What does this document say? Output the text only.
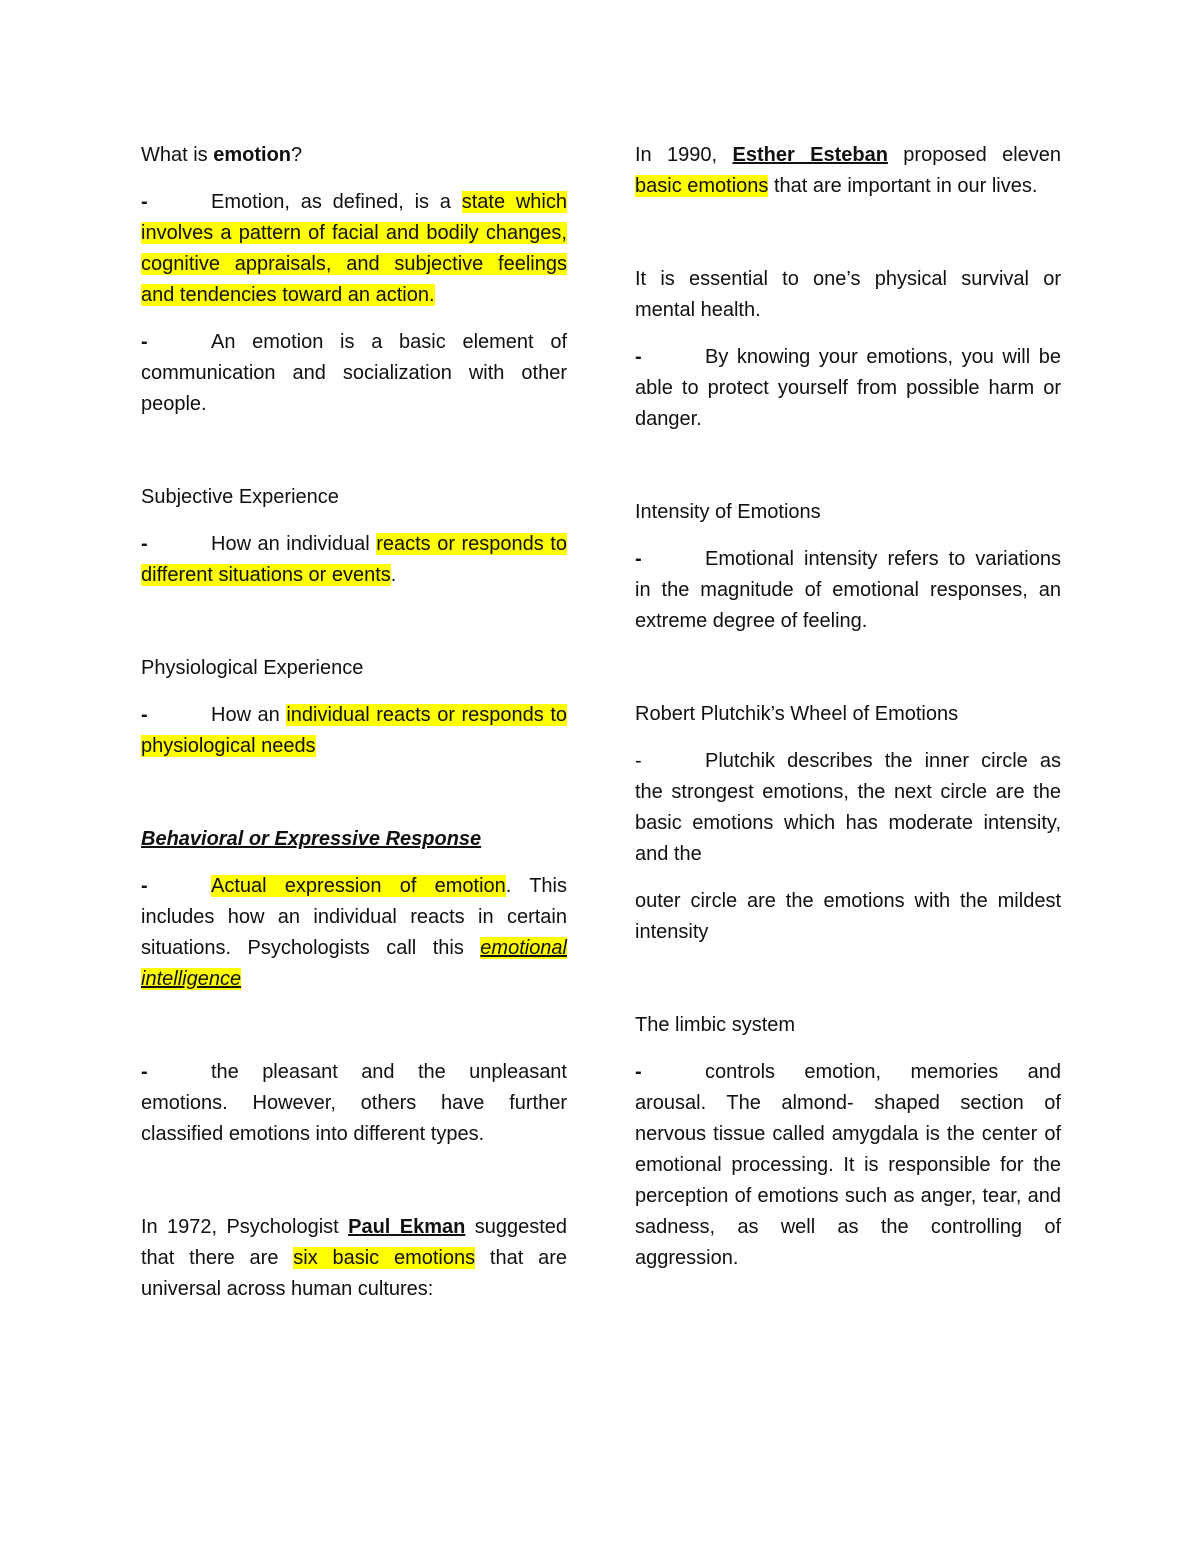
What is emotion?

-	Emotion, as defined, is a state which involves a pattern of facial and bodily changes, cognitive appraisals, and subjective feelings and tendencies toward an action.

-	An emotion is a basic element of communication and socialization with other people.

Subjective Experience

-	How an individual reacts or responds to different situations or events.

Physiological Experience

-	How an individual reacts or responds to physiological needs

Behavioral or Expressive Response

-	Actual expression of emotion. This includes how an individual reacts in certain situations. Psychologists call this emotional intelligence

-	the pleasant and the unpleasant emotions. However, others have further classified emotions into different types.

In 1972, Psychologist Paul Ekman suggested that there are six basic emotions that are universal across human cultures:

In 1990, Esther Esteban proposed eleven basic emotions that are important in our lives.

It is essential to one’s physical survival or mental health.

-	By knowing your emotions, you will be able to protect yourself from possible harm or danger.

Intensity of Emotions

-	Emotional intensity refers to variations in the magnitude of emotional responses, an extreme degree of feeling.

Robert Plutchik’s Wheel of Emotions

-	Plutchik describes the inner circle as the strongest emotions, the next circle are the basic emotions which has moderate intensity, and the

outer circle are the emotions with the mildest intensity

The limbic system

-	controls emotion, memories and arousal. The almond- shaped section of nervous tissue called amygdala is the center of emotional processing. It is responsible for the perception of emotions such as anger, tear, and sadness, as well as the controlling of aggression.
